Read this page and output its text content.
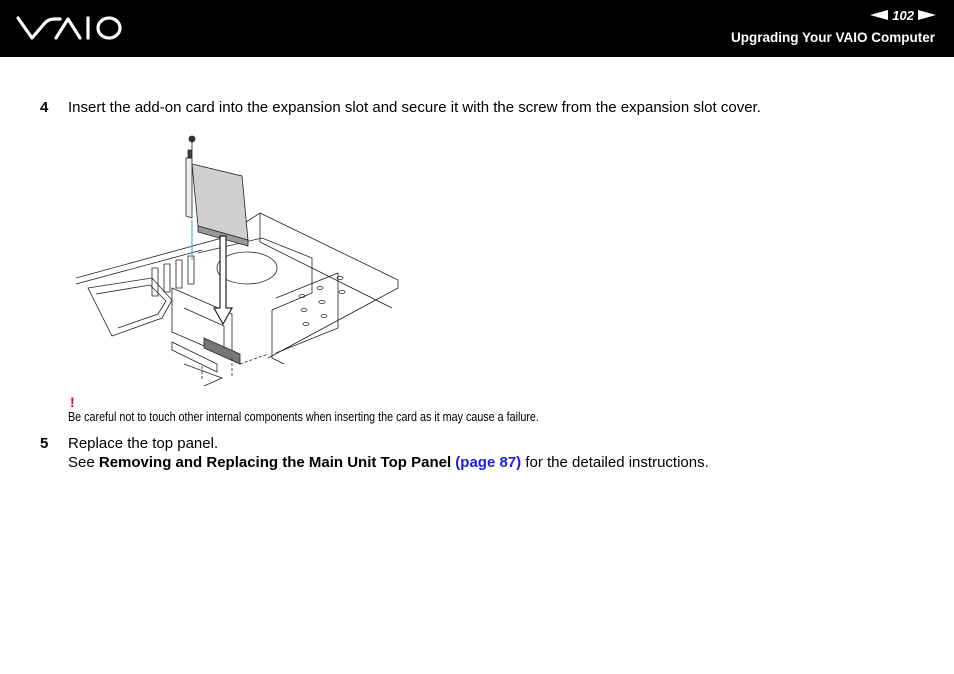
102
Upgrading Your VAIO Computer
4 Insert the add-on card into the expansion slot and secure it with the screw from the expansion slot cover.
!
Be careful not to touch other internal components when inserting the card as it may cause a failure.
5 Replace the top panel.
See Removing and Replacing the Main Unit Top Panel (page 87) for the detailed instructions.
